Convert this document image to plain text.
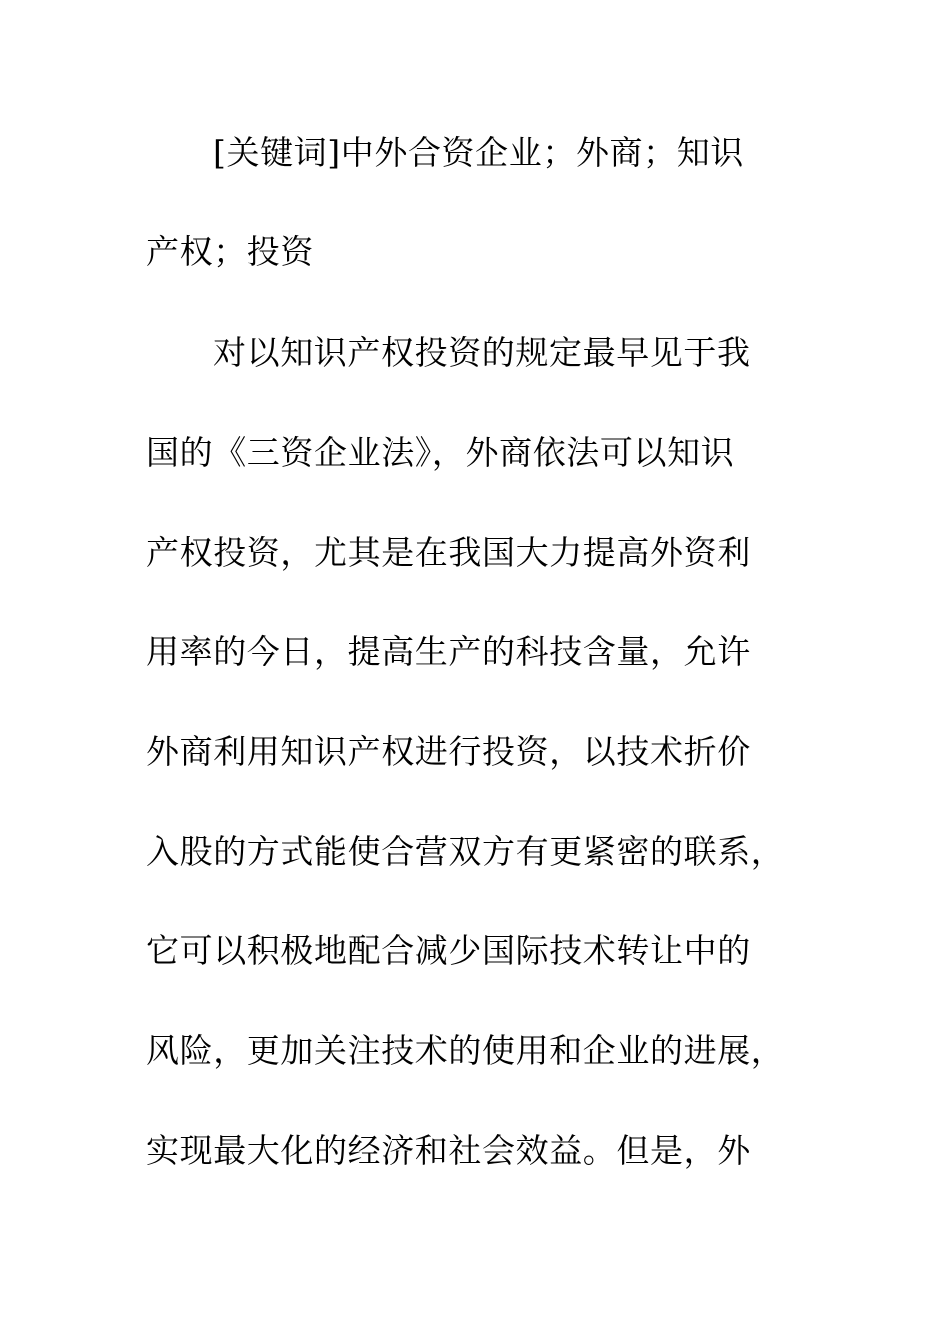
[关键词]中外合资企业；外商；知识
产权；投资
对以知识产权投资的规定最早见于我
国的《三资企业法》，外商依法可以知识
产权投资，尤其是在我国大力提高外资利
用率的今日，提高生产的科技含量，允许
外商利用知识产权进行投资，以技术折价
入股的方式能使合营双方有更紧密的联系，
它可以积极地配合减少国际技术转让中的
风险，更加关注技术的使用和企业的进展，
实现最大化的经济和社会效益。但是，外
